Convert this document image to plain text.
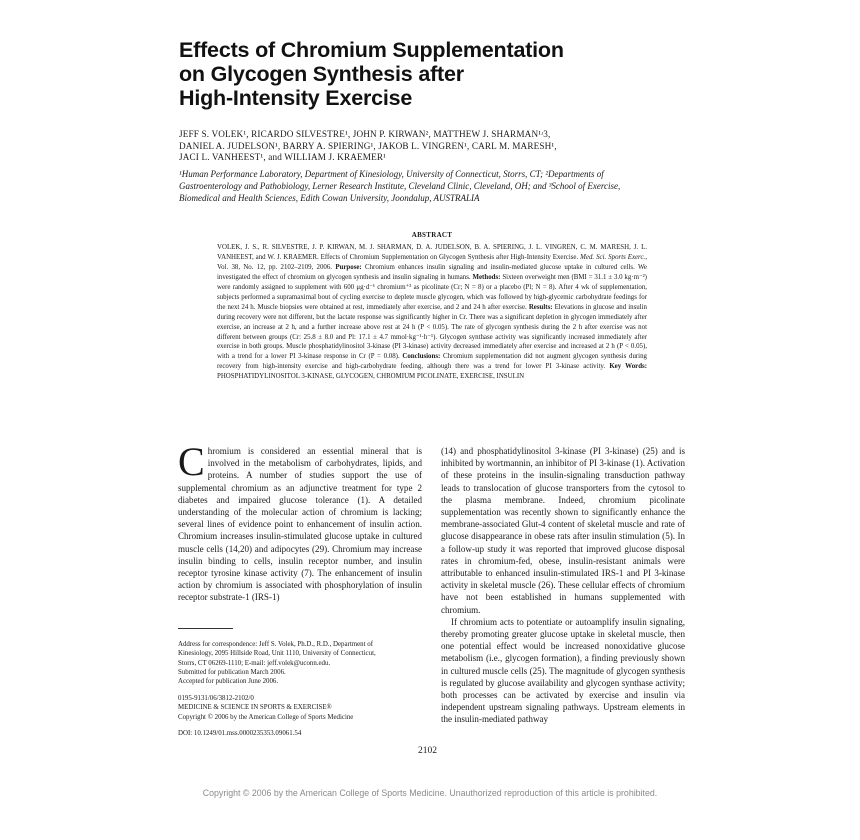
Effects of Chromium Supplementation
on Glycogen Synthesis after
High-Intensity Exercise
JEFF S. VOLEK¹, RICARDO SILVESTRE¹, JOHN P. KIRWAN², MATTHEW J. SHARMAN¹ʴ3,
DANIEL A. JUDELSON¹, BARRY A. SPIERING¹, JAKOB L. VINGREN¹, CARL M. MARESH¹,
JACI L. VANHEEST¹, and WILLIAM J. KRAEMER¹
¹Human Performance Laboratory, Department of Kinesiology, University of Connecticut, Storrs, CT; ²Departments of
Gastroenterology and Pathobiology, Lerner Research Institute, Cleveland Clinic, Cleveland, OH; and ³School of Exercise,
Biomedical and Health Sciences, Edith Cowan University, Joondalup, AUSTRALIA
ABSTRACT

VOLEK, J. S., R. SILVESTRE, J. P. KIRWAN, M. J. SHARMAN, D. A. JUDELSON, B. A. SPIERING, J. L. VINGREN, C. M. MARESH, J. L. VANHEEST, and W. J. KRAEMER. Effects of Chromium Supplementation on Glycogen Synthesis after High-Intensity Exercise. Med. Sci. Sports Exerc., Vol. 38, No. 12, pp. 2102–2109, 2006. Purpose: Chromium enhances insulin signaling and insulin-mediated glucose uptake in cultured cells. We investigated the effect of chromium on glycogen synthesis and insulin signaling in humans. Methods: Sixteen overweight men (BMI = 31.1 ± 3.0 kg·m⁻²) were randomly assigned to supplement with 600 μg·d⁻¹ chromium⁺³ as picolinate (Cr; N = 8) or a placebo (Pl; N = 8). After 4 wk of supplementation, subjects performed a supramaximal bout of cycling exercise to deplete muscle glycogen, which was followed by high-glycemic carbohydrate feedings for the next 24 h. Muscle biopsies were obtained at rest, immediately after exercise, and 2 and 24 h after exercise. Results: Elevations in glucose and insulin during recovery were not different, but the lactate response was significantly higher in Cr. There was a significant depletion in glycogen immediately after exercise, an increase at 2 h, and a further increase above rest at 24 h (P < 0.05). The rate of glycogen synthesis during the 2 h after exercise was not different between groups (Cr: 25.8 ± 8.0 and Pl: 17.1 ± 4.7 mmol·kg⁻¹·h⁻¹). Glycogen synthase activity was significantly increased immediately after exercise in both groups. Muscle phosphatidylinositol 3-kinase (PI 3-kinase) activity decreased immediately after exercise and increased at 2 h (P < 0.05), with a trend for a lower PI 3-kinase response in Cr (P = 0.08). Conclusions: Chromium supplementation did not augment glycogen synthesis during recovery from high-intensity exercise and high-carbohydrate feeding, although there was a trend for lower PI 3-kinase activity. Key Words: PHOSPHATIDYLINOSITOL 3-KINASE, GLYCOGEN, CHROMIUM PICOLINATE, EXERCISE, INSULIN

Chromium is considered an essential mineral that is involved in the metabolism of carbohydrates, lipids, and proteins. A number of studies support the use of supplemental chromium as an adjunctive treatment for type 2 diabetes and impaired glucose tolerance (1). A detailed understanding of the molecular action of chromium is lacking; several lines of evidence point to enhancement of insulin action. Chromium increases insulin-stimulated glucose uptake in cultured muscle cells (14,20) and adipocytes (29). Chromium may increase insulin binding to cells, insulin receptor number, and insulin receptor tyrosine kinase activity (7). The enhancement of insulin action by chromium is associated with phosphorylation of insulin receptor substrate-1 (IRS-1)

(14) and phosphatidylinositol 3-kinase (PI 3-kinase) (25) and is inhibited by wortmannin, an inhibitor of PI 3-kinase (1). Activation of these proteins in the insulin-signaling transduction pathway leads to translocation of glucose transporters from the cytosol to the plasma membrane. Indeed, chromium picolinate supplementation was recently shown to significantly enhance the membrane-associated Glut-4 content of skeletal muscle and rate of glucose disappearance in obese rats after insulin stimulation (5). In a follow-up study it was reported that improved glucose disposal rates in chromium-fed, obese, insulin-resistant animals were attributable to enhanced insulin-stimulated IRS-1 and PI 3-kinase activity in skeletal muscle (26). These cellular effects of chromium have not been established in humans supplemented with chromium.

If chromium acts to potentiate or autoamplify insulin signaling, thereby promoting greater glucose uptake in skeletal muscle, then one potential effect would be increased nonoxidative glucose metabolism (i.e., glycogen formation), a finding previously shown in cultured muscle cells (25). The magnitude of glycogen synthesis is regulated by glucose availability and glycogen synthase activity; both processes can be activated by exercise and insulin via independent upstream signaling pathways. Upstream elements in the insulin-mediated pathway

Address for correspondence: Jeff S. Volek, Ph.D., R.D., Department of
Kinesiology, 2095 Hillside Road, Unit 1110, University of Connecticut,
Storrs, CT 06269-1110; E-mail: jeff.volek@uconn.edu.
Submitted for publication March 2006.
Accepted for publication June 2006.
0195-9131/06/3812-2102/0
MEDICINE & SCIENCE IN SPORTS & EXERCISE®
Copyright © 2006 by the American College of Sports Medicine
DOI: 10.1249/01.mss.0000235353.09061.54
2102
Copyright © 2006 by the American College of Sports Medicine. Unauthorized reproduction of this article is prohibited.
